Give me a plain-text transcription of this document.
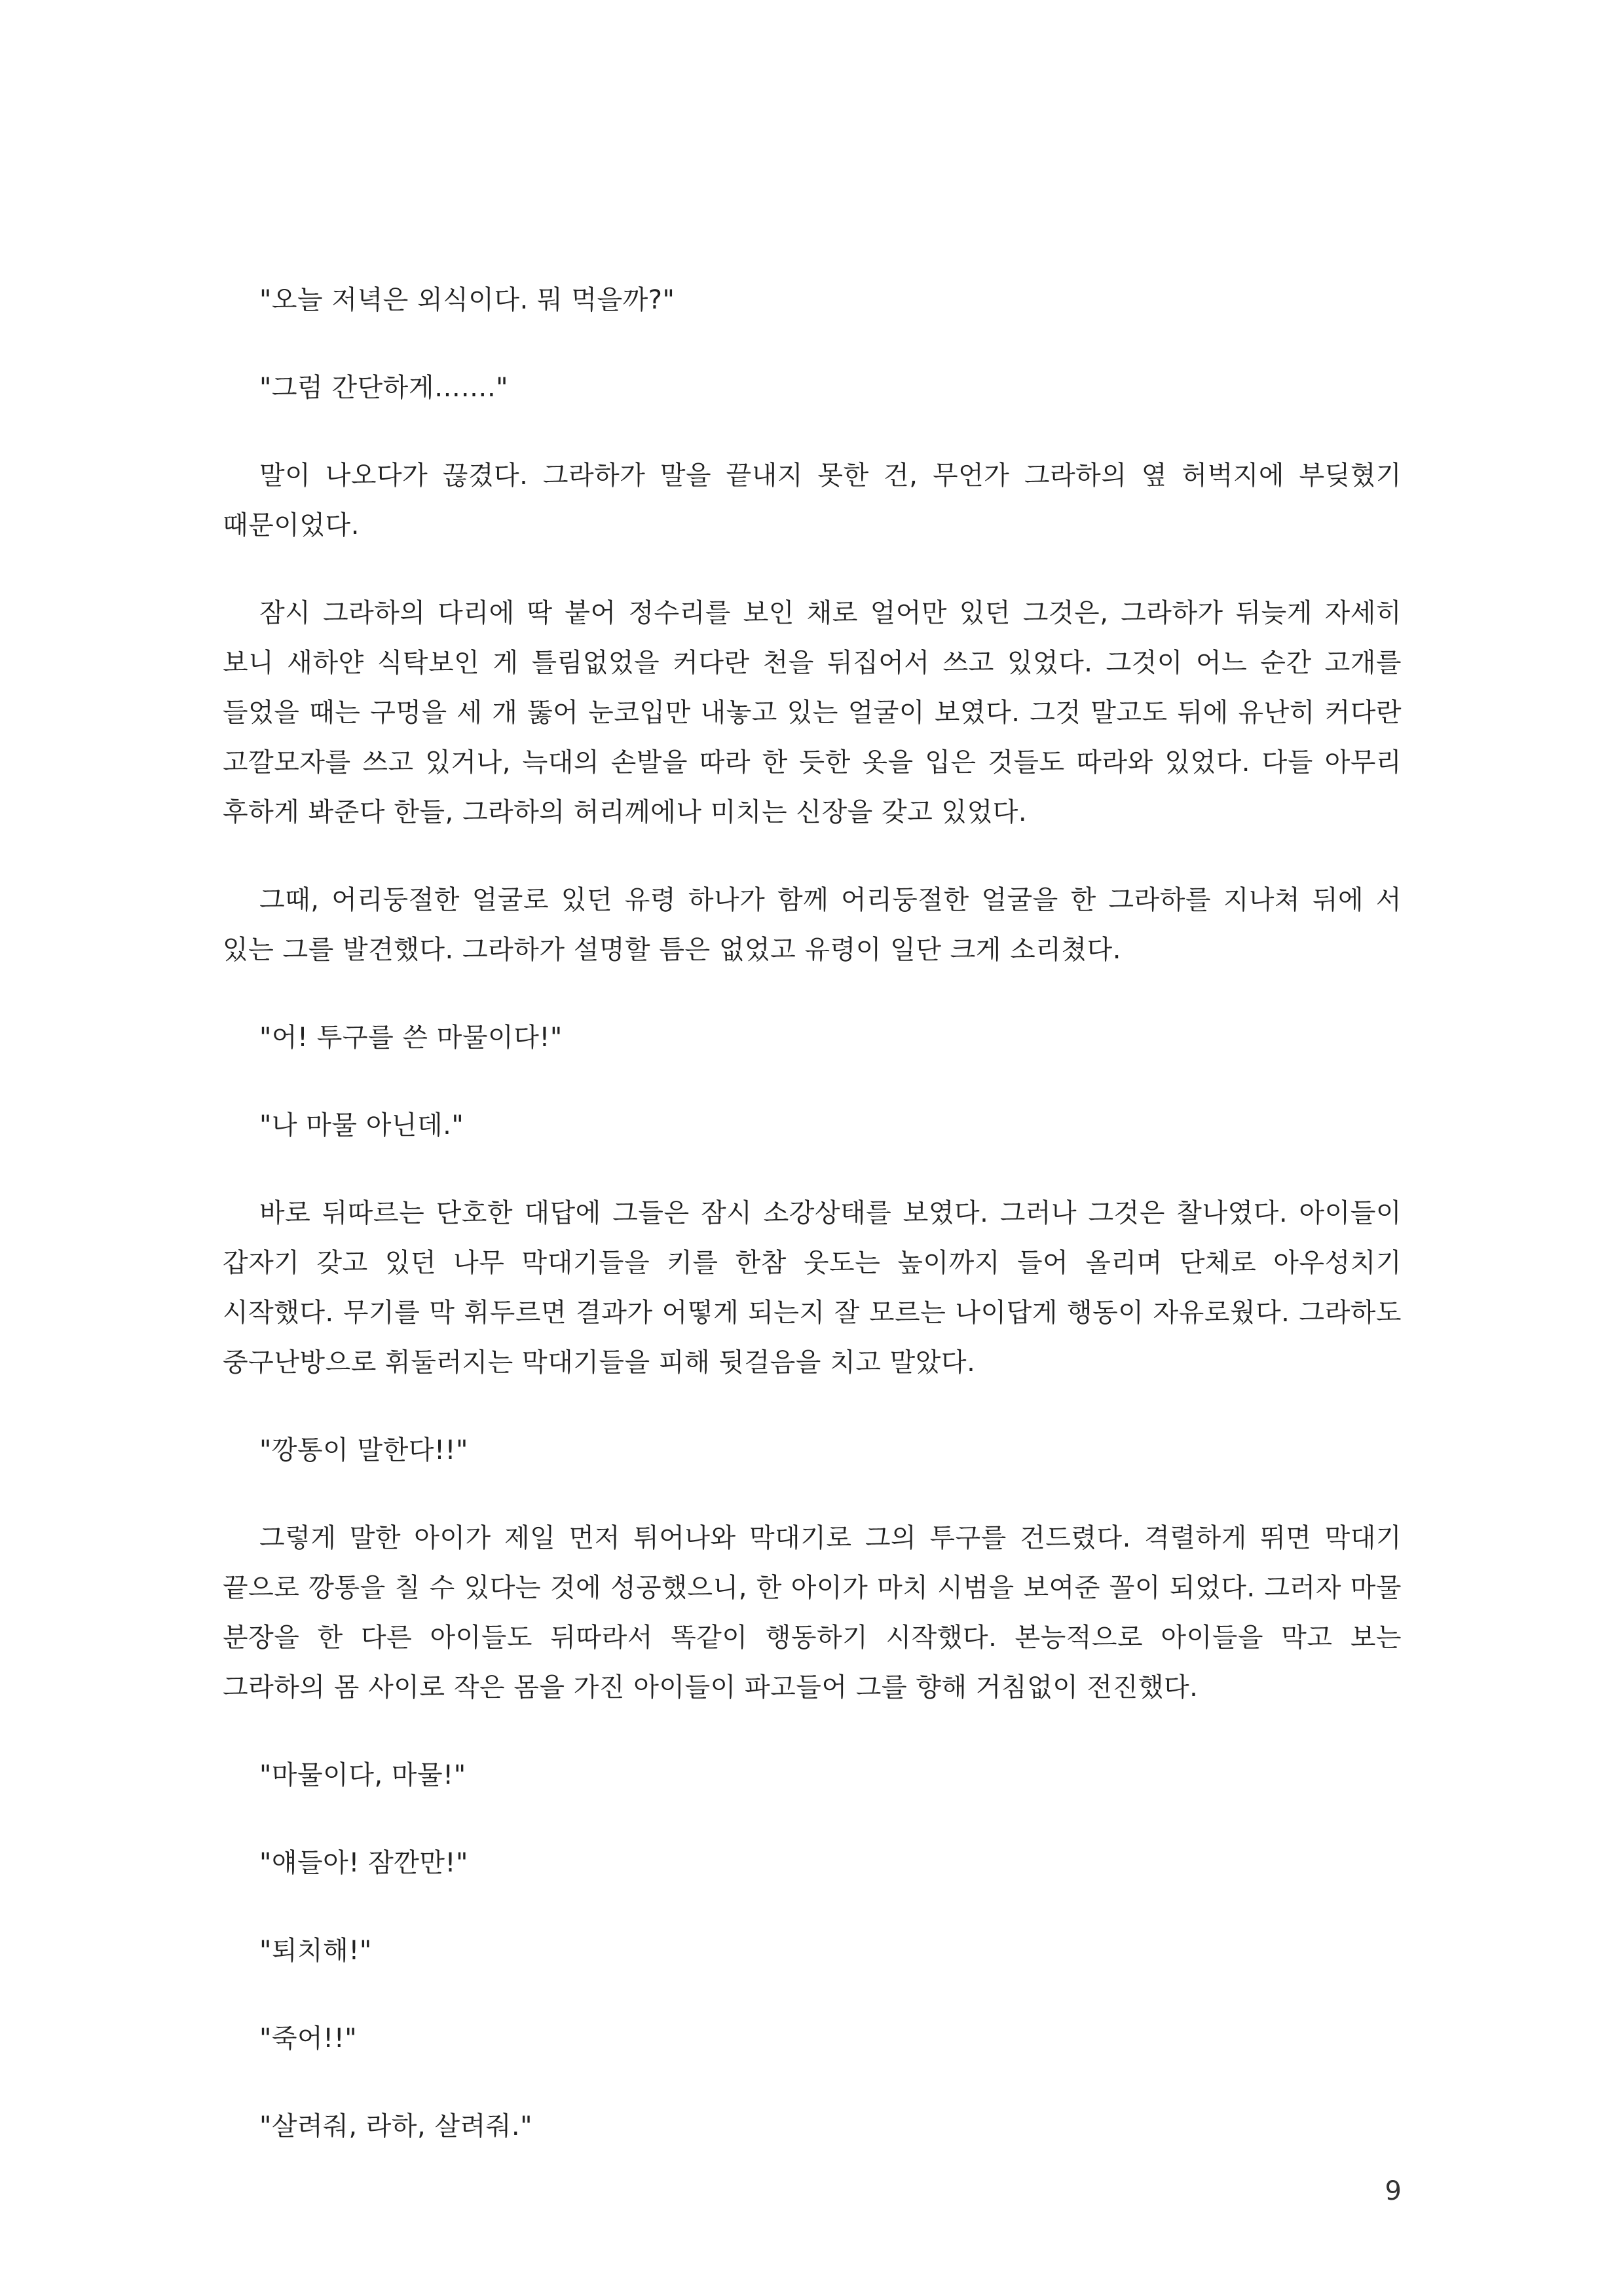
"오늘 저녁은 외식이다. 뭐 먹을까?"

"그럼 간단하게……."

말이 나오다가 끊겼다. 그라하가 말을 끝내지 못한 건, 무언가 그라하의 옆 허벅지에 부딪혔기 때문이었다.

잠시 그라하의 다리에 딱 붙어 정수리를 보인 채로 얼어만 있던 그것은, 그라하가 뒤늦게 자세히 보니 새하얀 식탁보인 게 틀림없었을 커다란 천을 뒤집어서 쓰고 있었다. 그것이 어느 순간 고개를 들었을 때는 구멍을 세 개 뚫어 눈코입만 내놓고 있는 얼굴이 보였다. 그것 말고도 뒤에 유난히 커다란 고깔모자를 쓰고 있거나, 늑대의 손발을 따라 한 듯한 옷을 입은 것들도 따라와 있었다. 다들 아무리 후하게 봐준다 한들, 그라하의 허리께에나 미치는 신장을 갖고 있었다.

그때, 어리둥절한 얼굴로 있던 유령 하나가 함께 어리둥절한 얼굴을 한 그라하를 지나쳐 뒤에 서 있는 그를 발견했다. 그라하가 설명할 틈은 없었고 유령이 일단 크게 소리쳤다.

"어! 투구를 쓴 마물이다!"

"나 마물 아닌데."

바로 뒤따르는 단호한 대답에 그들은 잠시 소강상태를 보였다. 그러나 그것은 찰나였다. 아이들이 갑자기 갖고 있던 나무 막대기들을 키를 한참 웃도는 높이까지 들어 올리며 단체로 아우성치기 시작했다. 무기를 막 휘두르면 결과가 어떻게 되는지 잘 모르는 나이답게 행동이 자유로웠다. 그라하도 중구난방으로 휘둘러지는 막대기들을 피해 뒷걸음을 치고 말았다.

"깡통이 말한다!!"

그렇게 말한 아이가 제일 먼저 튀어나와 막대기로 그의 투구를 건드렸다. 격렬하게 뛰면 막대기 끝으로 깡통을 칠 수 있다는 것에 성공했으니, 한 아이가 마치 시범을 보여준 꼴이 되었다. 그러자 마물 분장을 한 다른 아이들도 뒤따라서 똑같이 행동하기 시작했다. 본능적으로 아이들을 막고 보는 그라하의 몸 사이로 작은 몸을 가진 아이들이 파고들어 그를 향해 거침없이 전진했다.

"마물이다, 마물!"

"얘들아! 잠깐만!"

"퇴치해!"

"죽어!!"

"살려줘, 라하, 살려줘."

9
